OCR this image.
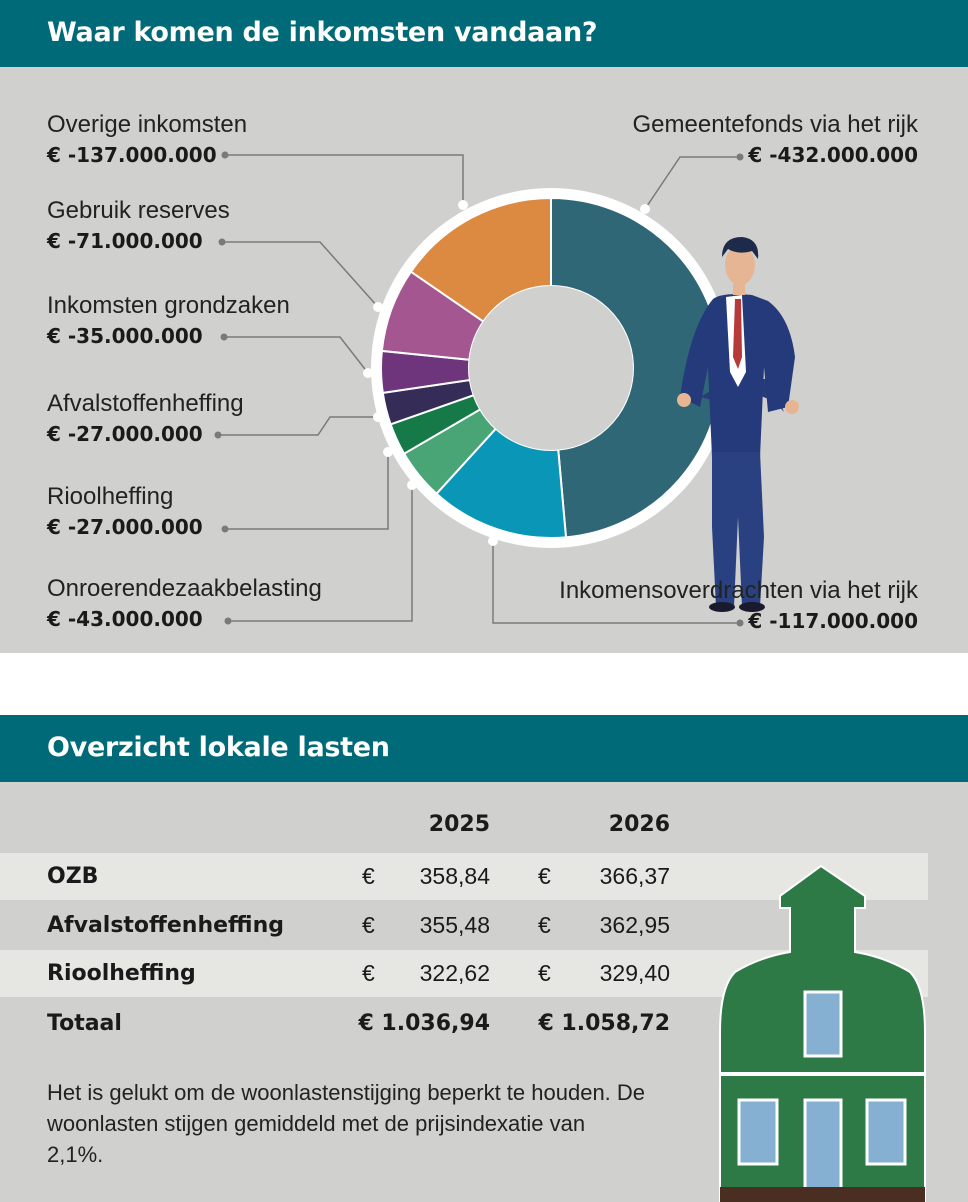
Waar komen de inkomsten vandaan?
Overige inkomsten
€ -137.000.000
Gebruik reserves
€ -71.000.000
Inkomsten grondzaken
€ -35.000.000
Afvalstoffenheffing
€ -27.000.000
Rioolheffing
€ -27.000.000
Onroerendezaakbelasting
€ -43.000.000
Gemeentefonds via het rijk
€ -432.000.000
Inkomensoverdrachten via het rijk
€ -117.000.000
Overzicht lokale lasten
2025	2026
OZB	€	358,84 €	366,37
Afvalstoffenheffing	€	355,48 €	362,95
Rioolheffing	€	322,62 €	329,40
Totaal	€ 1.036,94	€ 1.058,72
Het is gelukt om de woonlastenstijging beperkt te houden. De woonlasten stijgen gemiddeld met de prijsindexatie van 2,1%.
